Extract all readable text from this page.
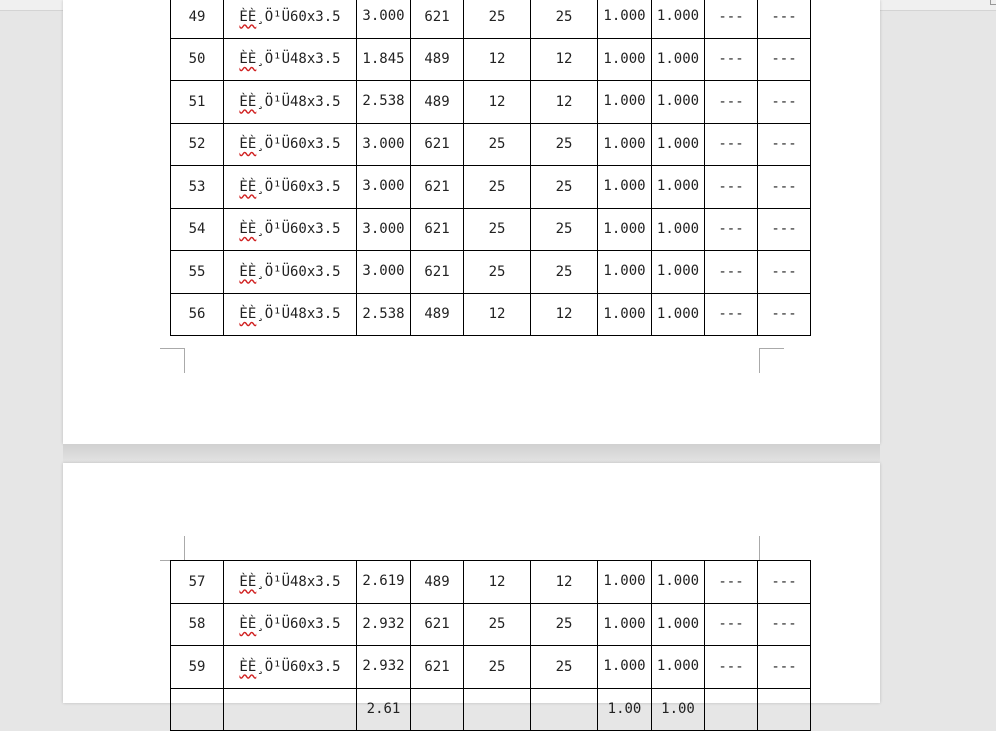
49	ÈÈ¸Ö¹Ü60x3.5	3.000	621	25	25	1.000	1.000	---	---
50	ÈÈ¸Ö¹Ü48x3.5	1.845	489	12	12	1.000	1.000	---	---
51	ÈÈ¸Ö¹Ü48x3.5	2.538	489	12	12	1.000	1.000	---	---
52	ÈÈ¸Ö¹Ü60x3.5	3.000	621	25	25	1.000	1.000	---	---
53	ÈÈ¸Ö¹Ü60x3.5	3.000	621	25	25	1.000	1.000	---	---
54	ÈÈ¸Ö¹Ü60x3.5	3.000	621	25	25	1.000	1.000	---	---
55	ÈÈ¸Ö¹Ü60x3.5	3.000	621	25	25	1.000	1.000	---	---
56	ÈÈ¸Ö¹Ü48x3.5	2.538	489	12	12	1.000	1.000	---	---
57	ÈÈ¸Ö¹Ü48x3.5	2.619	489	12	12	1.000	1.000	---	---
58	ÈÈ¸Ö¹Ü60x3.5	2.932	621	25	25	1.000	1.000	---	---
59	ÈÈ¸Ö¹Ü60x3.5	2.932	621	25	25	1.000	1.000	---	---
		2.61				1.00	1.00		
